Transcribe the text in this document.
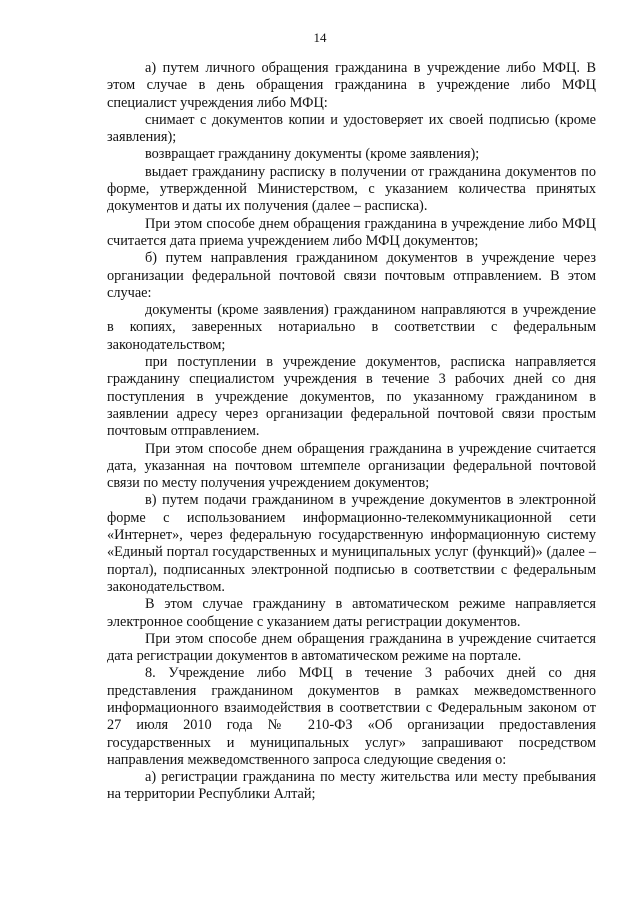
14

а) путем личного обращения гражданина в учреждение либо МФЦ. В этом случае в день обращения гражданина в учреждение либо МФЦ специалист учреждения либо МФЦ:

снимает с документов копии и удостоверяет их своей подписью (кроме заявления);

возвращает гражданину документы (кроме заявления);

выдает гражданину расписку в получении от гражданина документов по форме, утвержденной Министерством, с указанием количества принятых документов и даты их получения (далее – расписка).

При этом способе днем обращения гражданина в учреждение либо МФЦ считается дата приема учреждением либо МФЦ документов;

б) путем направления гражданином документов в учреждение через организации федеральной почтовой связи почтовым отправлением. В этом случае:

документы (кроме заявления) гражданином направляются в учреждение в копиях, заверенных нотариально в соответствии с федеральным законодательством;

при поступлении в учреждение документов, расписка направляется гражданину специалистом учреждения в течение 3 рабочих дней со дня поступления в учреждение документов, по указанному гражданином в заявлении адресу через организации федеральной почтовой связи простым почтовым отправлением.

При этом способе днем обращения гражданина в учреждение считается дата, указанная на почтовом штемпеле организации федеральной почтовой связи по месту получения учреждением документов;

в) путем подачи гражданином в учреждение документов в электронной форме с использованием информационно-телекоммуникационной сети «Интернет», через федеральную государственную информационную систему «Единый портал государственных и муниципальных услуг (функций)» (далее – портал), подписанных электронной подписью в соответствии с федеральным законодательством.

В этом случае гражданину в автоматическом режиме направляется электронное сообщение с указанием даты регистрации документов.

При этом способе днем обращения гражданина в учреждение считается дата регистрации документов в автоматическом режиме на портале.

8. Учреждение либо МФЦ в течение 3 рабочих дней со дня представления гражданином документов в рамках межведомственного информационного взаимодействия в соответствии с Федеральным законом от 27 июля 2010 года № 210-ФЗ «Об организации предоставления государственных и муниципальных услуг» запрашивают посредством направления межведомственного запроса следующие сведения о:

а) регистрации гражданина по месту жительства или месту пребывания на территории Республики Алтай;
